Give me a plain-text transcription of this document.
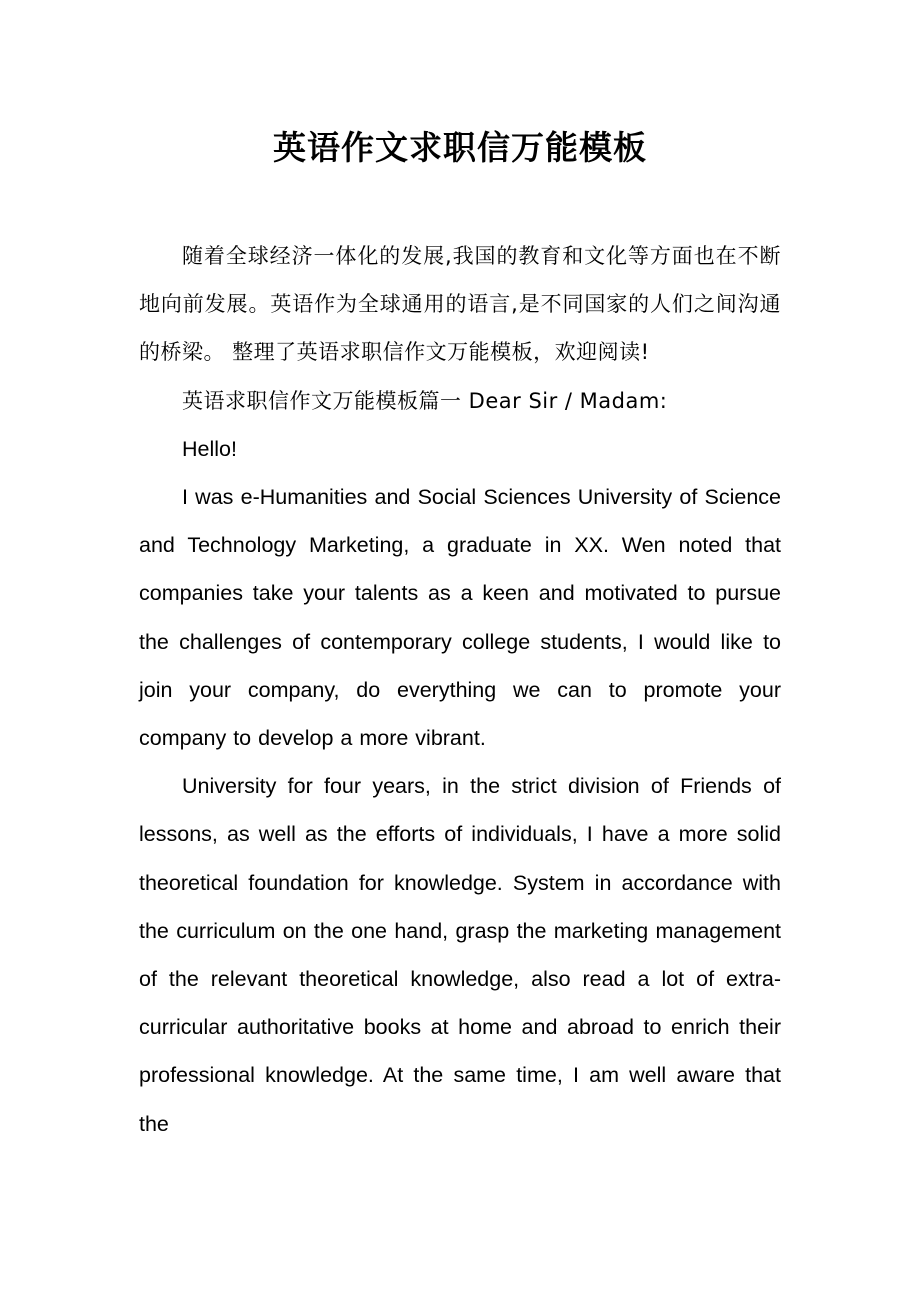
英语作文求职信万能模板

随着全球经济一体化的发展,我国的教育和文化等方面也在不断地向前发展。英语作为全球通用的语言,是不同国家的人们之间沟通的桥梁。 整理了英语求职信作文万能模板，欢迎阅读!

英语求职信作文万能模板篇一 Dear Sir / Madam:

Hello!

I was e-Humanities and Social Sciences University of Science and Technology Marketing, a graduate in XX. Wen noted that companies take your talents as a keen and motivated to pursue the challenges of contemporary college students, I would like to join your company, do everything we can to promote your company to develop a more vibrant.

University for four years, in the strict division of Friends of lessons, as well as the efforts of individuals, I have a more solid theoretical foundation for knowledge. System in accordance with the curriculum on the one hand, grasp the marketing management of the relevant theoretical knowledge, also read a lot of extra-curricular authoritative books at home and abroad to enrich their professional knowledge. At the same time, I am well aware that the
